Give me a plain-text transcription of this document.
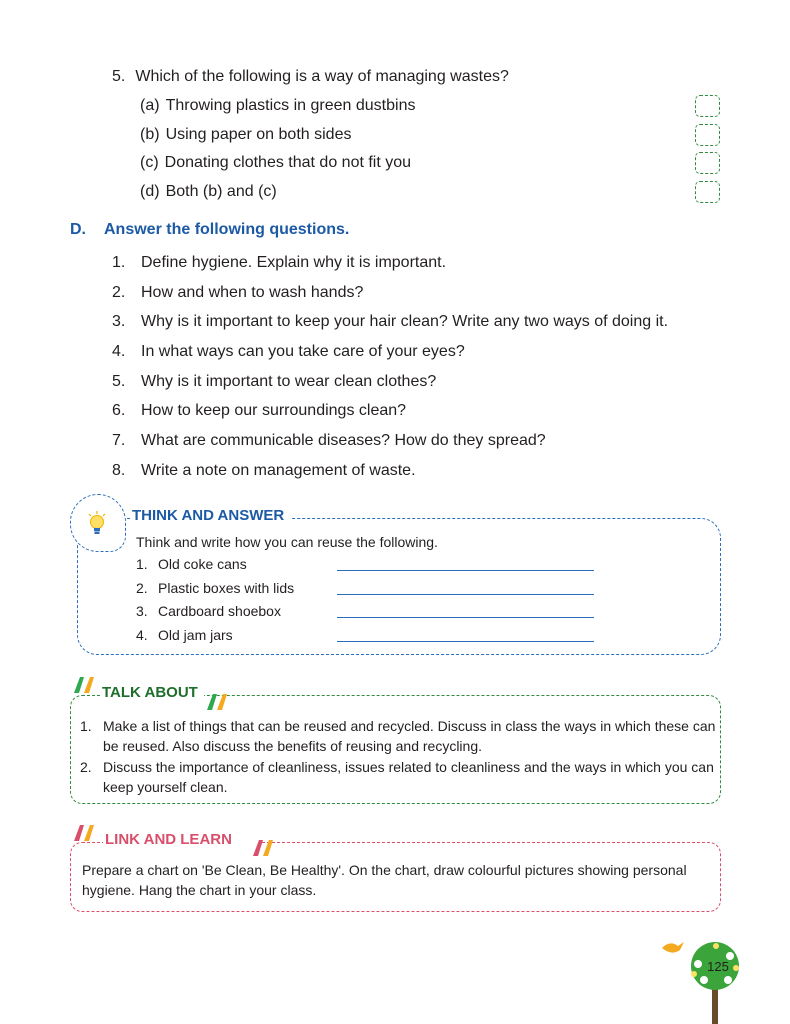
5. Which of the following is a way of managing wastes?
(a) Throwing plastics in green dustbins
(b) Using paper on both sides
(c) Donating clothes that do not fit you
(d) Both (b) and (c)
D. Answer the following questions.
1. Define hygiene. Explain why it is important.
2. How and when to wash hands?
3. Why is it important to keep your hair clean? Write any two ways of doing it.
4. In what ways can you take care of your eyes?
5. Why is it important to wear clean clothes?
6. How to keep our surroundings clean?
7. What are communicable diseases? How do they spread?
8. Write a note on management of waste.
THINK AND ANSWER
Think and write how you can reuse the following.
1. Old coke cans
2. Plastic boxes with lids
3. Cardboard shoebox
4. Old jam jars
TALK ABOUT
1. Make a list of things that can be reused and recycled. Discuss in class the ways in which these can be reused. Also discuss the benefits of reusing and recycling.
2. Discuss the importance of cleanliness, issues related to cleanliness and the ways in which you can keep yourself clean.
LINK AND LEARN
Prepare a chart on 'Be Clean, Be Healthy'. On the chart, draw colourful pictures showing personal hygiene. Hang the chart in your class.
125
